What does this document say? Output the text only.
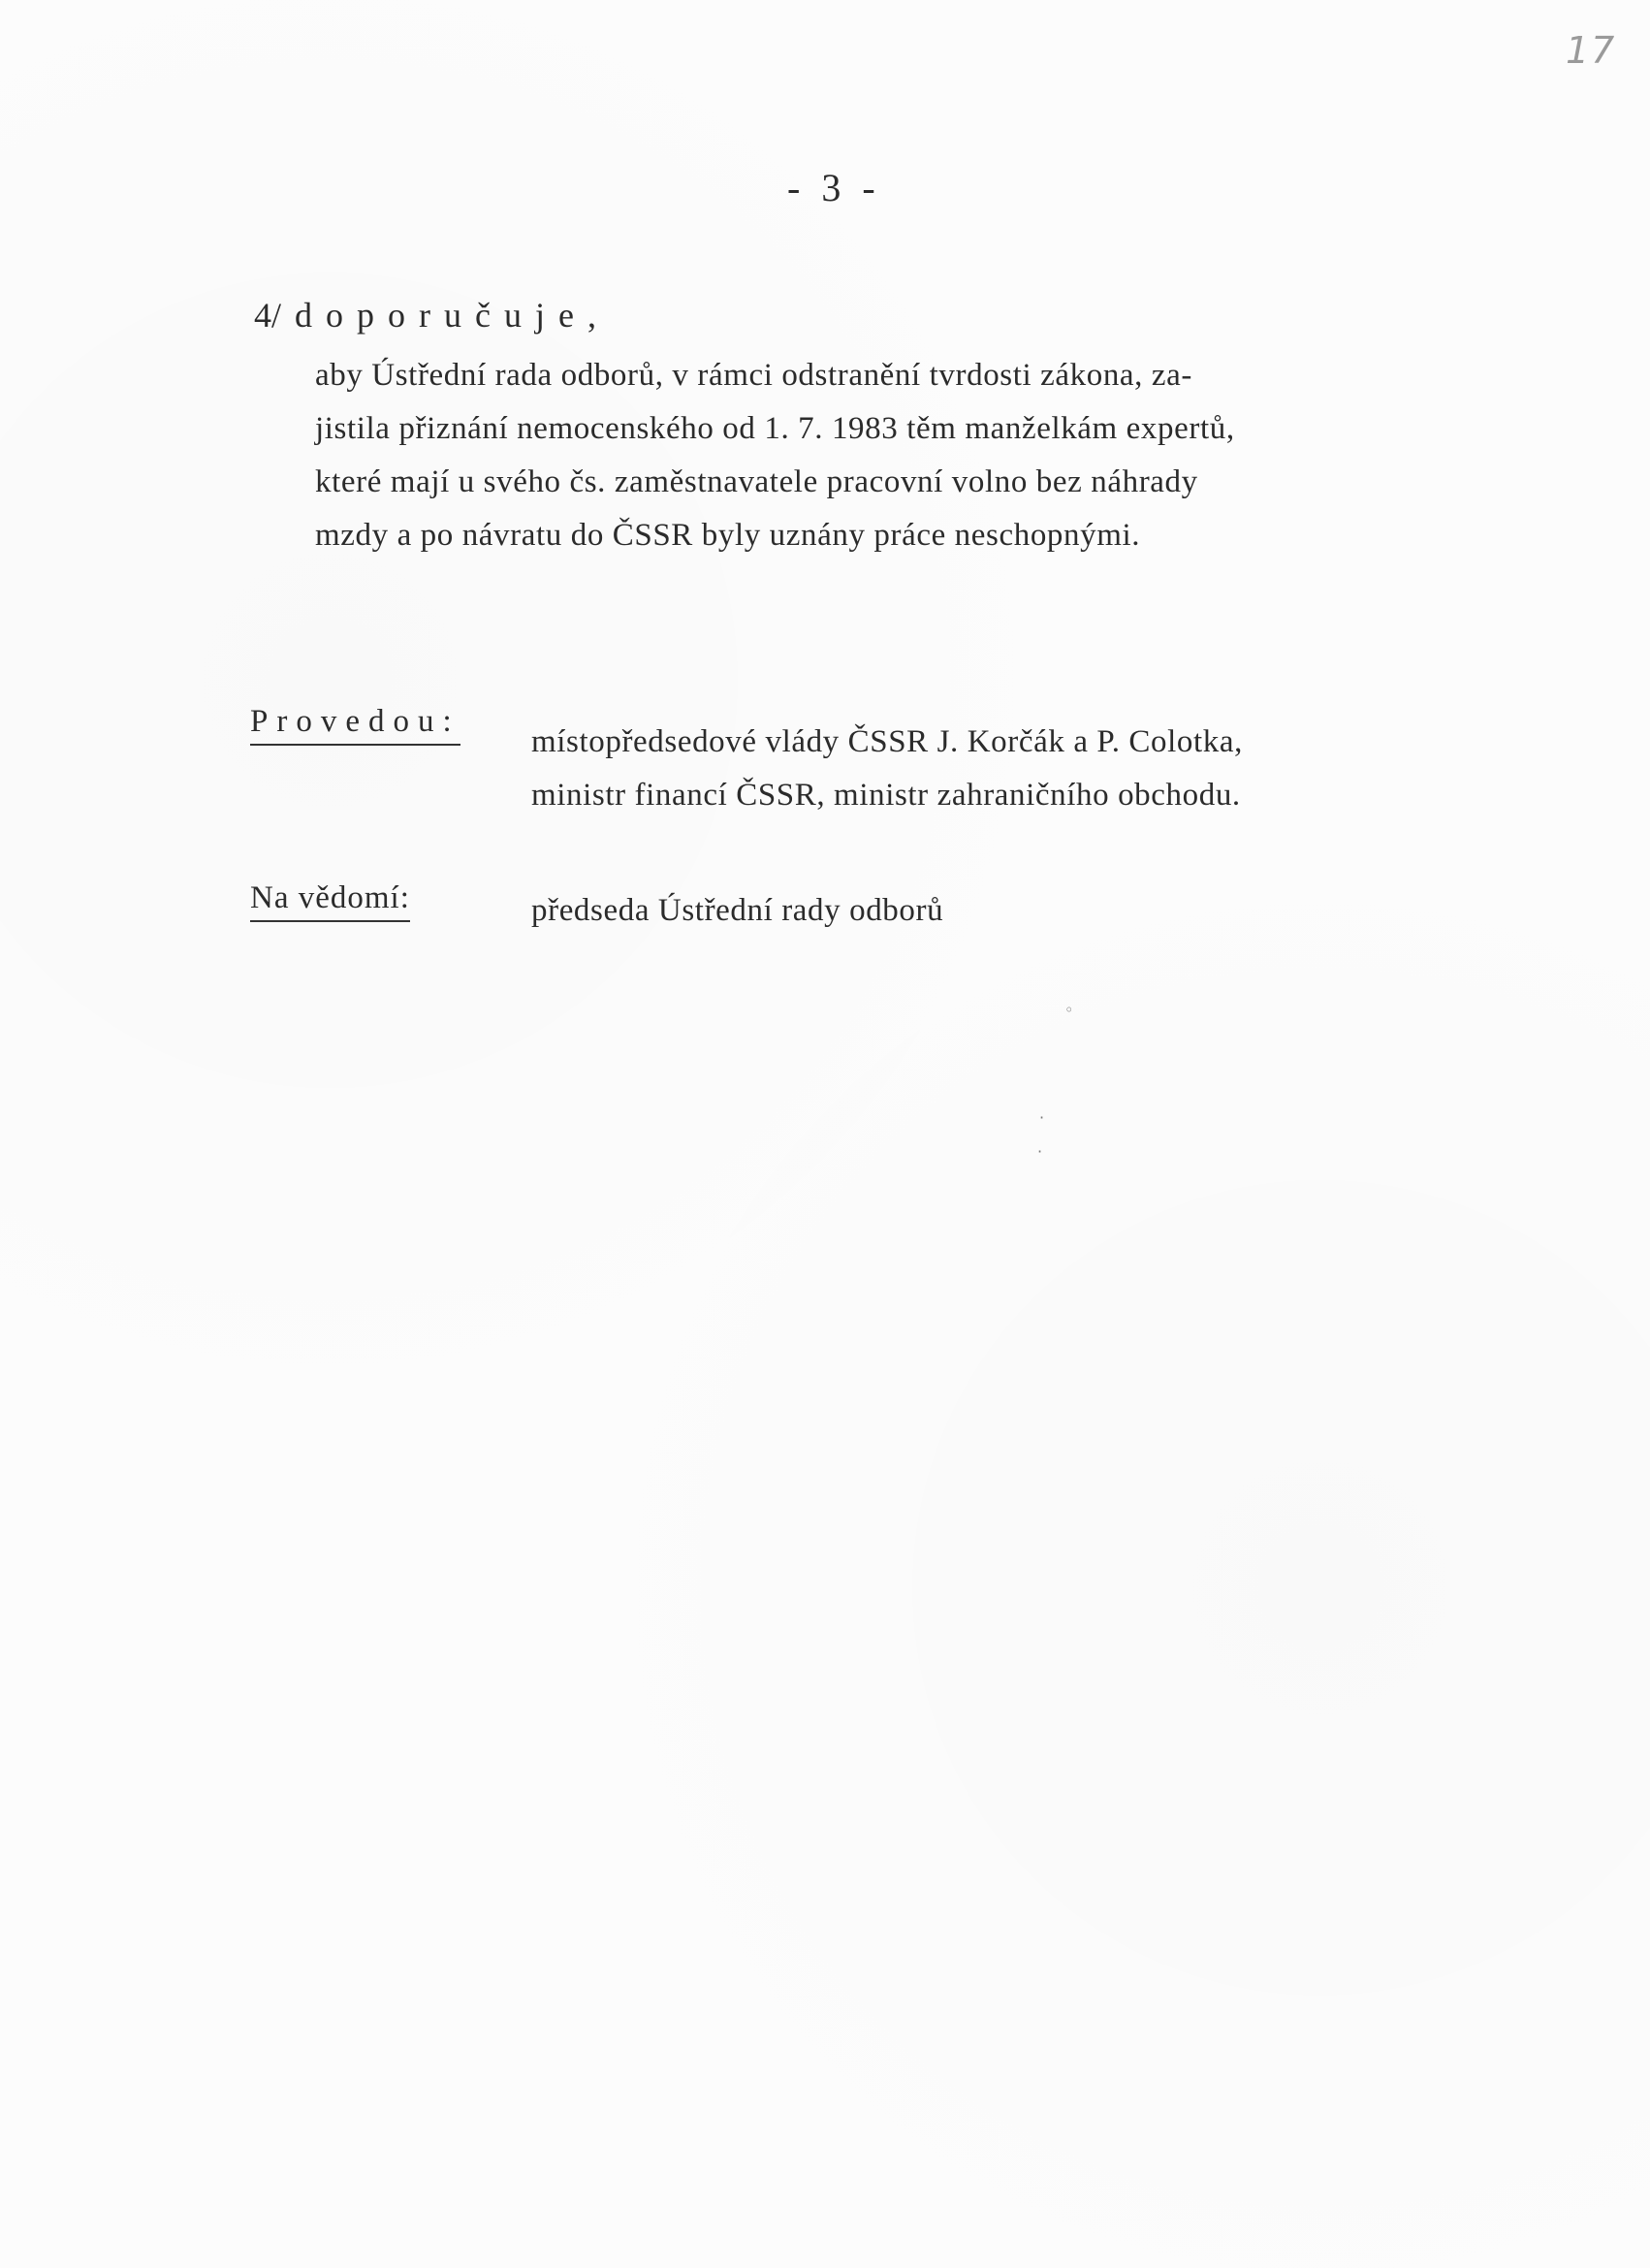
17
- 3 -
4/ doporučuje,
aby Ústřední rada odborů, v rámci odstranění tvrdosti zákona, za-
jistila přiznání nemocenského od 1. 7. 1983 těm manželkám expertů,
které mají u svého čs. zaměstnavatele pracovní volno bez náhrady
mzdy a po návratu do ČSSR byly uznány práce neschopnými.
Provedou:
místopředsedové vlády ČSSR J. Korčák a P. Colotka,
ministr financí ČSSR, ministr zahraničního obchodu.
Na vědomí:	předseda Ústřední rady odborů
◦
·
·
